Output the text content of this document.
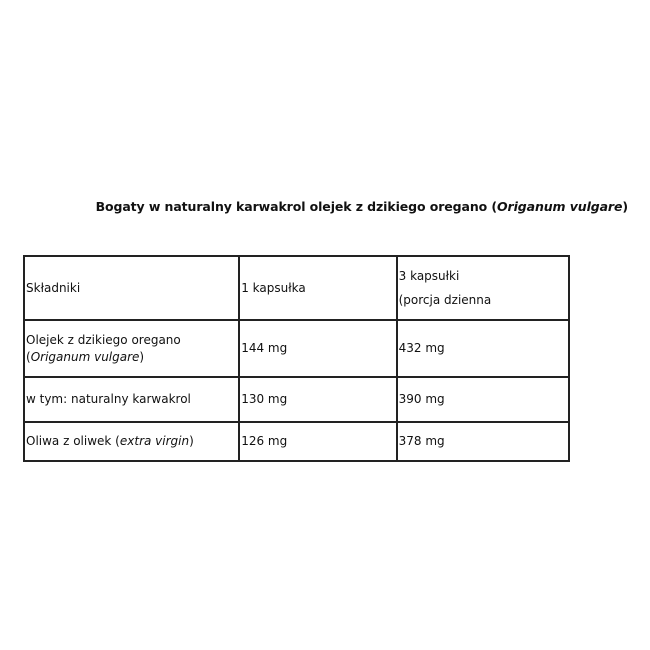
Bogaty w naturalny karwakrol olejek z dzikiego oregano (Origanum vulgare)
Składniki	1 kapsułka	3 kapsułki
(porcja dzienna

Olejek z dzikiego oregano
(Origanum vulgare)	144 mg	432 mg
w tym: naturalny karwakrol	130 mg	390 mg
Oliwa z oliwek (extra virgin)	126 mg	378 mg
